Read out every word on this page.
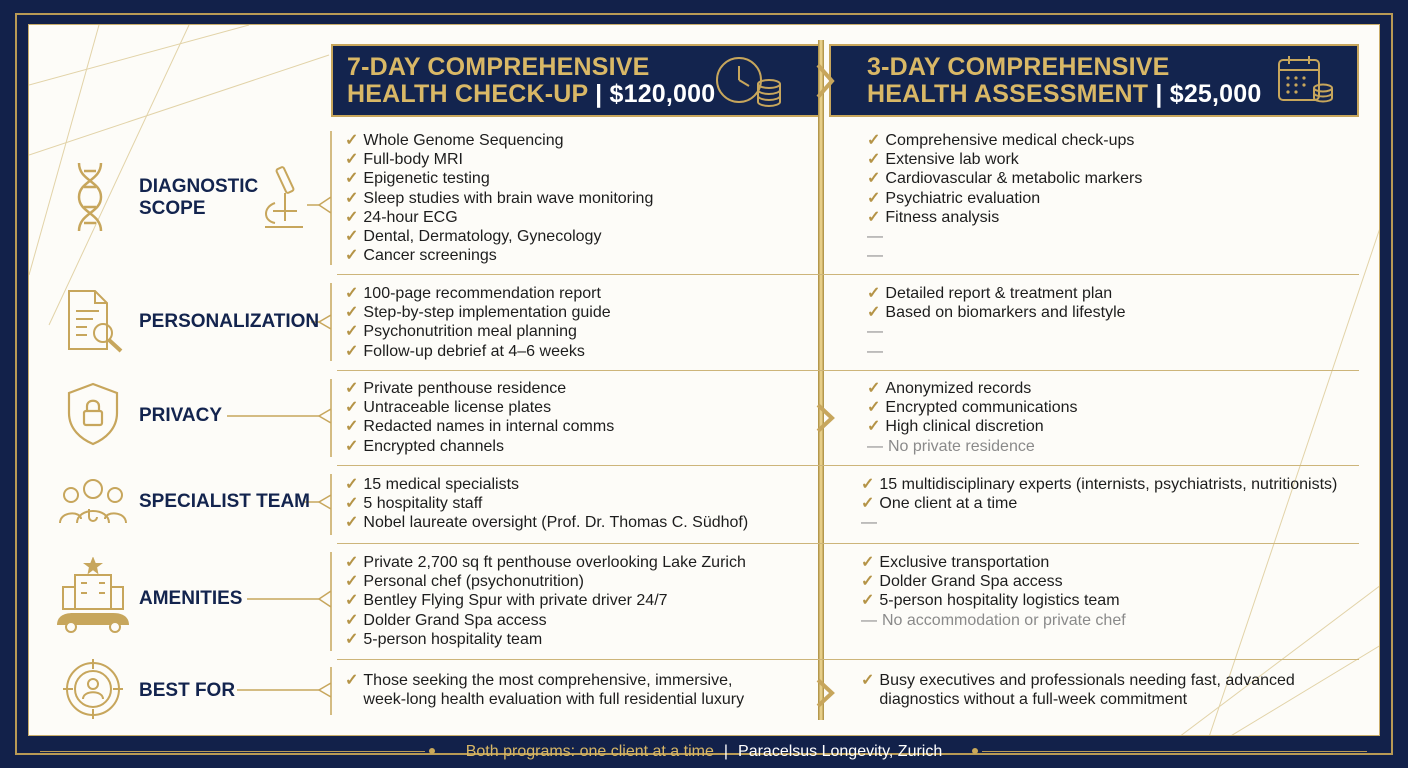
7-DAY COMPREHENSIVE
HEALTH CHECK-UP | $120,000
3-DAY COMPREHENSIVE
HEALTH ASSESSMENT | $25,000
DIAGNOSTIC
SCOPE
PERSONALIZATION
PRIVACY
SPECIALIST TEAM
AMENITIES
BEST FOR
✓ Whole Genome Sequencing
✓ Full-body MRI
✓ Epigenetic testing
✓ Sleep studies with brain wave monitoring
✓ 24-hour ECG
✓ Dental, Dermatology, Gynecology
✓ Cancer screenings
✓ Comprehensive medical check-ups
✓ Extensive lab work
✓ Cardiovascular & metabolic markers
✓ Psychiatric evaluation
✓ Fitness analysis
—
—
✓ 100-page recommendation report
✓ Step-by-step implementation guide
✓ Psychonutrition meal planning
✓ Follow-up debrief at 4–6 weeks
✓ Detailed report & treatment plan
✓ Based on biomarkers and lifestyle
—
—
✓ Private penthouse residence
✓ Untraceable license plates
✓ Redacted names in internal comms
✓ Encrypted channels
✓ Anonymized records
✓ Encrypted communications
✓ High clinical discretion
— No private residence
✓ 15 medical specialists
✓ 5 hospitality staff
✓ Nobel laureate oversight (Prof. Dr. Thomas C. Südhof)
✓ 15 multidisciplinary experts (internists, psychiatrists, nutritionists)
✓ One client at a time
—
✓ Private 2,700 sq ft penthouse overlooking Lake Zurich
✓ Personal chef (psychonutrition)
✓ Bentley Flying Spur with private driver 24/7
✓ Dolder Grand Spa access
✓ 5-person hospitality team
✓ Exclusive transportation
✓ Dolder Grand Spa access
✓ 5-person hospitality logistics team
— No accommodation or private chef
✓ Those seeking the most comprehensive, immersive,
week-long health evaluation with full residential luxury
✓ Busy executives and professionals needing fast, advanced
diagnostics without a full-week commitment
Both programs: one client at a time | Paracelsus Longevity, Zurich
